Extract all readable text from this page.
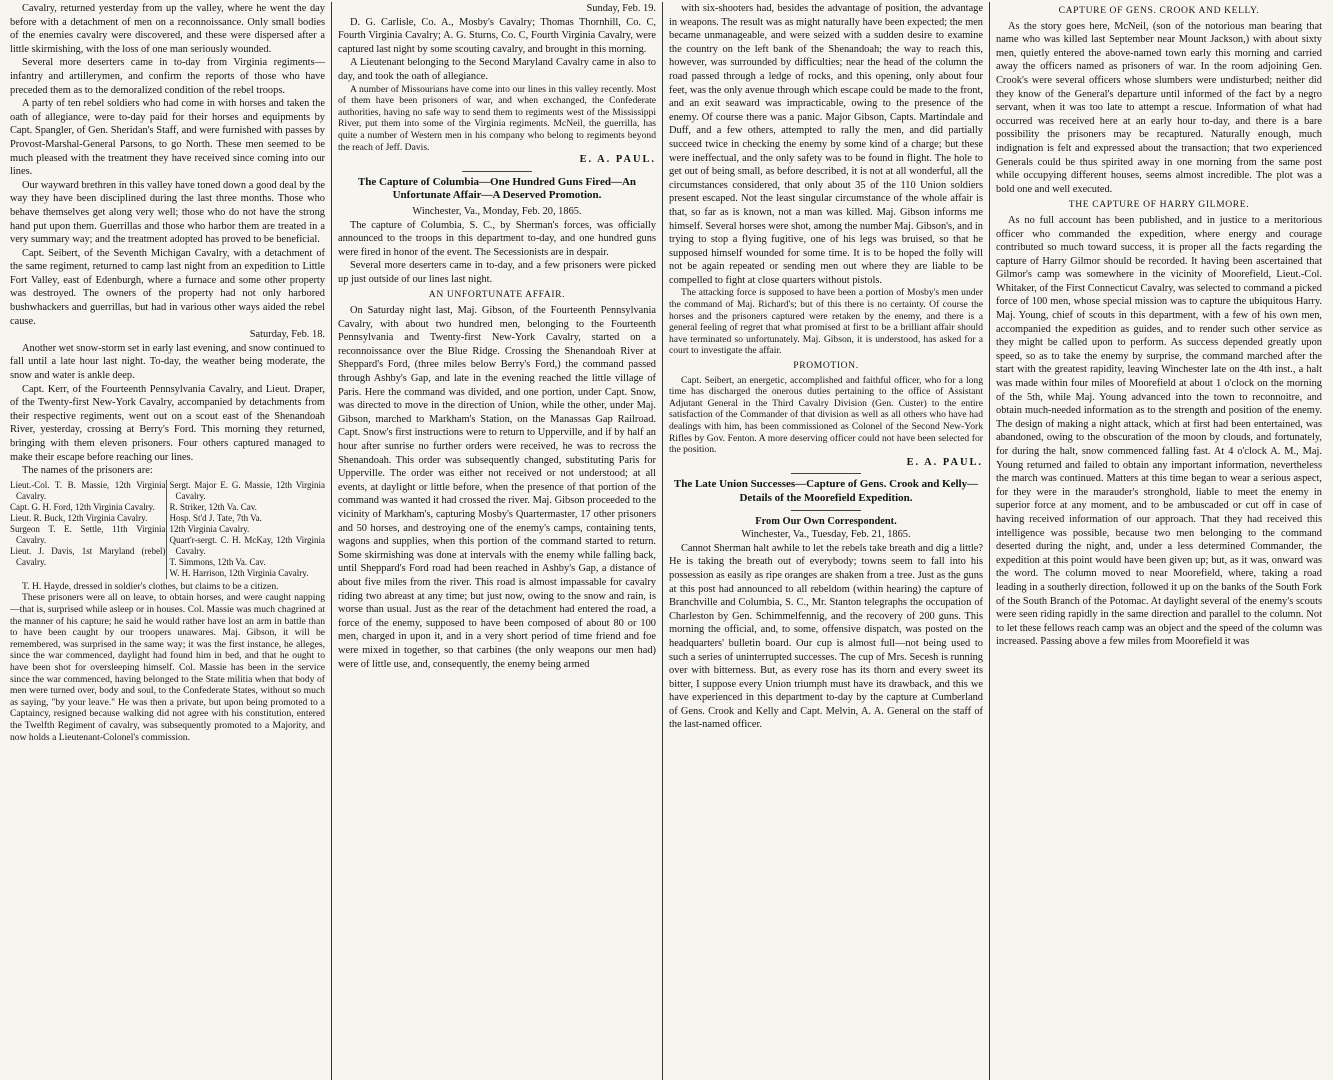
Cavalry, returned yesterday from up the valley, where he went the day before with a detachment of men on a reconnoissance. Only small bodies of the enemies cavalry were discovered, and these were dispersed after a little skirmishing, with the loss of one man seriously wounded.

Several more deserters came in to-day from Virginia regiments—infantry and artillerymen, and confirm the reports of those who have preceded them as to the demoralized condition of the rebel troops.

A party of ten rebel soldiers who had come in with horses and taken the oath of allegiance, were to-day paid for their horses and equipments by Capt. Spangler, of Gen. Sheridan's Staff, and were furnished with passes by Provost-Marshal-General Parsons, to go North. These men seemed to be much pleased with the treatment they have received since coming into our lines.

Our wayward brethren in this valley have toned down a good deal by the way they have been disciplined during the last three months. Those who behave themselves get along very well; those who do not have the strong hand put upon them. Guerrillas and those who harbor them are treated in a very summary way; and the treatment adopted has proved to be beneficial.

Capt. Seibert, of the Seventh Michigan Cavalry, with a detachment of the same regiment, returned to camp last night from an expedition to Little Fort Valley, east of Edenburgh, where a furnace and some other property was destroyed. The owners of the property had not only harbored bushwhackers and guerrillas, but had in various other ways aided the rebel cause.

Saturday, Feb. 18.

Another wet snow-storm set in early last evening, and snow continued to fall until a late hour last night. To-day, the weather being moderate, the snow and water is ankle deep.

Capt. Kerr, of the Fourteenth Pennsylvania Cavalry, and Lieut. Draper, of the Twenty-first New-York Cavalry, accompanied by detachments from their respective regiments, went out on a scout east of the Shenandoah River, yesterday, crossing at Berry's Ford. This morning they returned, bringing with them eleven prisoners. Four others captured managed to make their escape before reaching our lines.

The names of the prisoners are:

Lieut.-Col. T. B. Massie, 12th Virginia Cavalry.
Capt. G. H. Ford, 12th Virginia Cavalry.
Lieut. R. Buck, 12th Virginia Cavalry.
Surgeon T. E. Settle, 11th Virginia Cavalry.
Lieut. J. Davis, 1st Maryland (rebel) Cavalry.
Sergt. Major E. G. Massie, 12th Virginia Cavalry.
R. Striker, 12th Va. Cav.
Hosp. St'd J. Tate, 7th Va.
12th Virginia Cavalry.
Quart'r-sergt. C. H. McKay, 12th Virginia Cavalry.
T. Simmons, 12th Va. Cav.
W. H. Harrison, 12th Virginia Cavalry.

T. H. Hayde, dressed in soldier's clothes, but claims to be a citizen.

These prisoners were all on leave, to obtain horses, and were caught napping—that is, surprised while asleep or in houses. Col. Massie was much chagrined at the manner of his capture; he said he would rather have lost an arm in battle than to have been caught by our troopers unawares. Maj. Gibson, it will be remembered, was surprised in the same way; it was the first instance, he alleges, since the war commenced, daylight had found him in bed, and that he ought to have been shot for oversleeping himself. Col. Massie has been in the service since the war commenced, having belonged to the State militia when that body of men were turned over, body and soul, to the Confederate States, without so much as saying, "by your leave." He was then a private, but upon being promoted to a Captaincy, resigned because walking did not agree with his constitution, entered the Twelfth Regiment of cavalry, was subsequently promoted to a Majority, and now holds a Lieutenant-Colonel's commission.

Sunday, Feb. 19.

D. G. Carlisle, Co. A., Mosby's Cavalry; Thomas Thornhill, Co. C, Fourth Virginia Cavalry; A. G. Sturns, Co. C, Fourth Virginia Cavalry, were captured last night by some scouting cavalry, and brought in this morning.

A Lieutenant belonging to the Second Maryland Cavalry came in also to day, and took the oath of allegiance.

A number of Missourians have come into our lines in this valley recently. Most of them have been prisoners of war, and when exchanged, the Confederate authorities, having no safe way to send them to regiments west of the Mississippi River, put them into some of the Virginia regiments. McNeil, the guerrilla, has quite a number of Western men in his company who belong to regiments beyond the reach of Jeff. Davis.

E. A. PAUL.

The Capture of Columbia—One Hundred Guns Fired—An Unfortunate Affair—A Deserved Promotion.

Winchester, Va., Monday, Feb. 20, 1865.

The capture of Columbia, S. C., by Sherman's forces, was officially announced to the troops in this department to-day, and one hundred guns were fired in honor of the event. The Secessionists are in despair.

Several more deserters came in to-day, and a few prisoners were picked up just outside of our lines last night.

AN UNFORTUNATE AFFAIR.

On Saturday night last, Maj. Gibson, of the Fourteenth Pennsylvania Cavalry, with about two hundred men, belonging to the Fourteenth Pennsylvania and Twenty-first New-York Cavalry, started on a reconnoissance over the Blue Ridge. Crossing the Shenandoah River at Sheppard's Ford, (three miles below Berry's Ford,) the command passed through Ashby's Gap, and late in the evening reached the little village of Paris. Here the command was divided, and one portion, under Capt. Snow, was directed to move in the direction of Union, while the other, under Maj. Gibson, marched to Markham's Station, on the Manassas Gap Railroad. Capt. Snow's first instructions were to return to Upperville, and if by half an hour after sunrise no further orders were received, he was to recross the Shenandoah. This order was subsequently changed, substituting Paris for Upperville. The order was either not received or not understood; at all events, at daylight or little before, when the presence of that portion of the command was wanted it had crossed the river. Maj. Gibson proceeded to the vicinity of Markham's, capturing Mosby's Quartermaster, 17 other prisoners and 50 horses, and destroying one of the enemy's camps, containing tents, wagons and supplies, when this portion of the command started to return. Some skirmishing was done at intervals with the enemy while falling back, until Sheppard's Ford road had been reached in Ashby's Gap, a distance of about five miles from the river. This road is almost impassable for cavalry riding two abreast at any time; but just now, owing to the snow and rain, is worse than usual. Just as the rear of the detachment had entered the road, a force of the enemy, supposed to have been composed of about 80 or 100 men, charged in upon it, and in a very short period of time friend and foe were mixed in together, so that carbines (the only weapons our men had) were of little use, and, consequently, the enemy being armed

with six-shooters had, besides the advantage of position, the advantage in weapons. The result was as might naturally have been expected; the men became unmanageable, and were seized with a sudden desire to examine the country on the left bank of the Shenandoah; the way to reach this, however, was surrounded by difficulties; near the head of the column the road passed through a ledge of rocks, and this opening, only about four feet, was the only avenue through which escape could be made to the front, and an exit seaward was impracticable, owing to the presence of the enemy. Of course there was a panic. Major Gibson, Capts. Martindale and Duff, and a few others, attempted to rally the men, and did partially succeed twice in checking the enemy by some kind of a charge; but these were ineffectual, and the only safety was to be found in flight. The hole to get out of being small, as before described, it is not at all wonderful, all the circumstances considered, that only about 35 of the 110 Union soldiers present escaped. Not the least singular circumstance of the whole affair is that, so far as is known, not a man was killed. Maj. Gibson informs me himself. Several horses were shot, among the number Maj. Gibson's, and in trying to stop a flying fugitive, one of his legs was bruised, so that he supposed himself wounded for some time. It is to be hoped the folly will not be again repeated or sending men out where they are liable to be compelled to fight at close quarters without pistols.

The attacking force is supposed to have been a portion of Mosby's men under the command of Maj. Richard's; but of this there is no certainty. Of course the horses and the prisoners captured were retaken by the enemy, and there is a general feeling of regret that what promised at first to be a brilliant affair should have terminated so unfortunately. Maj. Gibson, it is understood, has asked for a court to investigate the affair.

PROMOTION.

Capt. Seibert, an energetic, accomplished and faithful officer, who for a long time has discharged the onerous duties pertaining to the office of Assistant Adjutant General in the Third Cavalry Division (Gen. Custer) to the entire satisfaction of the Commander of that division as well as all others who have had dealings with him, has been commissioned as Colonel of the Second New-York Rifles by Gov. Fenton. A more deserving officer could not have been selected for the position.

E. A. PAUL.

The Late Union Successes—Capture of Gens. Crook and Kelly—Details of the Moorefield Expedition.

From Our Own Correspondent.

Winchester, Va., Tuesday, Feb. 21, 1865.

Cannot Sherman halt awhile to let the rebels take breath and dig a little? He is taking the breath out of everybody; towns seem to fall into his possession as easily as ripe oranges are shaken from a tree. Just as the guns at this post had announced to all rebeldom (within hearing) the capture of Branchville and Columbia, S. C., Mr. Stanton telegraphs the occupation of Charleston by Gen. Schimmelfennig, and the recovery of 200 guns. This morning the official, and, to some, offensive dispatch, was posted on the headquarters' bulletin board. Our cup is almost full—not being used to such a series of uninterrupted successes. The cup of Mrs. Secesh is running over with bitterness. But, as every rose has its thorn and every sweet its bitter, I suppose every Union triumph must have its drawback, and this we have experienced in this department to-day by the capture at Cumberland of Gens. Crook and Kelly and Capt. Melvin, A. A. General on the staff of the last-named officer.

CAPTURE OF GENS. CROOK AND KELLY.

As the story goes here, McNeil, (son of the notorious man bearing that name who was killed last September near Mount Jackson,) with about sixty men, quietly entered the above-named town early this morning and carried away the officers named as prisoners of war. In the room adjoining Gen. Crook's were several officers whose slumbers were undisturbed; neither did they know of the General's departure until informed of the fact by a negro servant, when it was too late to attempt a rescue. Information of what had occurred was received here at an early hour to-day, and there is a bare possibility the prisoners may be recaptured. Naturally enough, much indignation is felt and expressed about the transaction; that two experienced Generals could be thus spirited away in one morning from the same post while occupying different houses, seems almost incredible. The plot was a bold one and well executed.

THE CAPTURE OF HARRY GILMORE.

As no full account has been published, and in justice to a meritorious officer who commanded the expedition, where energy and courage contributed so much toward success, it is proper all the facts regarding the capture of Harry Gilmor should be recorded. It having been ascertained that Gilmor's camp was somewhere in the vicinity of Moorefield, Lieut.-Col. Whitaker, of the First Connecticut Cavalry, was selected to command a picked force of 100 men, whose special mission was to capture the ubiquitous Harry. Maj. Young, chief of scouts in this department, with a few of his own men, accompanied the expedition as guides, and to render such other service as they might be called upon to perform. As success depended greatly upon speed, so as to take the enemy by surprise, the command marched after the start with the greatest rapidity, leaving Winchester late on the 4th inst., a halt was made within four miles of Moorefield at about 1 o'clock on the morning of the 5th, while Maj. Young advanced into the town to reconnoitre, and obtain much-needed information as to the strength and position of the enemy. The design of making a night attack, which at first had been entertained, was abandoned, owing to the obscuration of the moon by clouds, and fortunately, for during the halt, snow commenced falling fast. At 4 o'clock A. M., Maj. Young returned and failed to obtain any important information, nevertheless the march was continued. Matters at this time began to wear a serious aspect, for they were in the marauder's stronghold, liable to meet the enemy in superior force at any moment, and to be ambuscaded or cut off in case of having received information of our approach. That they had received this intelligence was possible, because two men belonging to the command deserted during the night, and, under a less determined Commander, the expedition at this point would have been given up; but, as it was, onward was the word. The column moved to near Moorefield, where, taking a road leading in a southerly direction, followed it up on the banks of the South Fork of the South Branch of the Potomac. At daylight several of the enemy's scouts were seen riding rapidly in the same direction and parallel to the column. Not to let these fellows reach camp was an object and the speed of the column was increased. Passing above a few miles from Moorefield it was
